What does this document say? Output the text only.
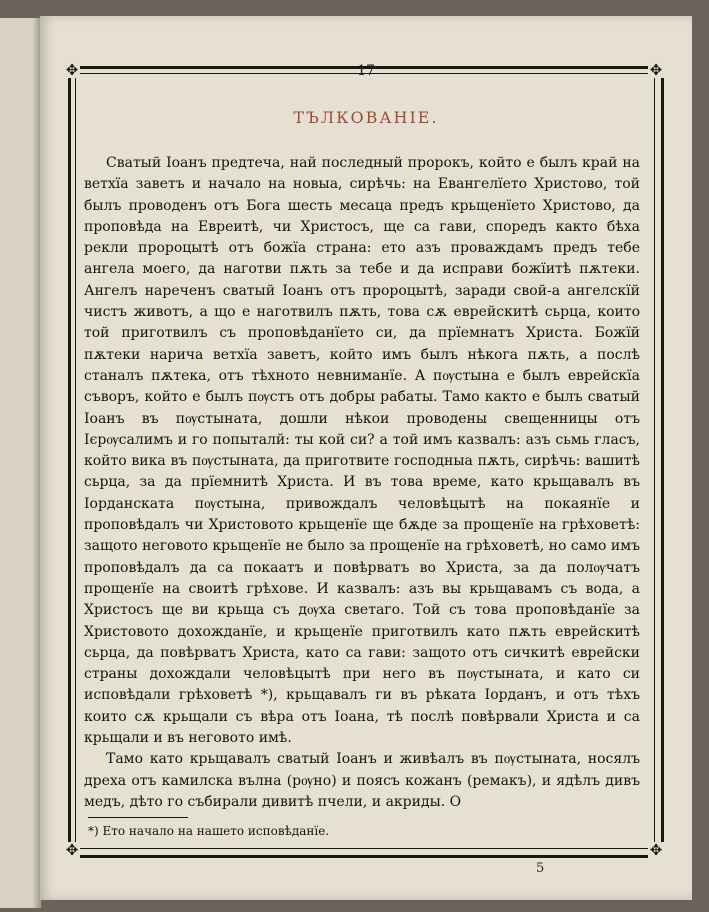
✥	✥
✥	✥
17
ТЪЛКОВАНІЕ.

Сватый Іоанъ предтеча, най последный пророкъ, който е былъ край на ветхїа заветъ и начало на новыа, сирѣчь: на Евангелїето Христово, той былъ проводенъ отъ Бога шесть месаца предъ крьщенїето Христово, да проповѣда на Евреитѣ, чи Христосъ, ще са гави, споредъ както бѣха рекли пророцытѣ отъ божїа страна: ето азъ проваждамъ предъ тебе ангела моего, да наготви пѫть за тебе и да исправи божїитѣ пѫтеки. Ангелъ нареченъ сватый Іоанъ отъ пророцытѣ, заради свой-а ангелскїй чистъ животъ, а що е наготвилъ пѫть, това сѫ еврейскитѣ сьрца, които той приготвилъ съ проповѣданїето си, да прїемнатъ Христа. Божїй пѫтеки нарича ветхїа заветъ, който имъ былъ нѣкога пѫть, а послѣ станалъ пѫтека, отъ тѣхното невниманїе. А пѹстына е былъ еврейскїа съворъ, който е былъ пѹстъ отъ добры рабаты. Тамо както е былъ сватый Іоанъ въ пѹстыната, дошли нѣкои проводены свещенницы отъ Ієрѹсалимъ и го попыталй: ты кой си? а той имъ казвалъ: азъ сьмь гласъ, който вика въ пѹстыната, да приготвите господныа пѫть, сирѣчь: вашитѣ сьрца, за да прїемнитѣ Христа. И въ това време, като крьщавалъ въ Іорданската пѹстына, привождалъ человѣцытѣ на покаянїе и проповѣдалъ чи Христовото крьщенїе ще бѫде за прощенїе на грѣховетѣ: защото неговото крьщенїе не было за прощенїе на грѣховетѣ, но само имъ проповѣдалъ да са покаатъ и повѣрватъ во Христа, за да полѹчатъ прощенїе на своитѣ грѣхове. И казвалъ: азъ вы крьщавамъ съ вода, а Христосъ ще ви крьща съ дѹха светаго. Той съ това проповѣданїе за Христовото дохожданїе, и крьщенїе приготвилъ като пѫть еврейскитѣ сьрца, да повѣрватъ Христа, като са гави: защото отъ сичкитѣ еврейски страны дохождали человѣцытѣ при него въ пѹстыната, и като си исповѣдали грѣховетѣ *), крьщавалъ ги въ рѣката Іорданъ, и отъ тѣхъ които сѫ крьщали съ вѣра отъ Іоана, тѣ послѣ повѣрвали Христа и са крьщали и въ неговото имѣ.

Тамо като крьщавалъ сватый Іоанъ и живѣалъ въ пѹстыната, носялъ дреха отъ камилска вълна (рѹно) и поясъ кожанъ (ремакъ), и ядѣлъ дивъ медъ, дѣто го събирали дивитѣ пчели, и акриды. О

*) Ето начало на нашето исповѣданїе.
5
